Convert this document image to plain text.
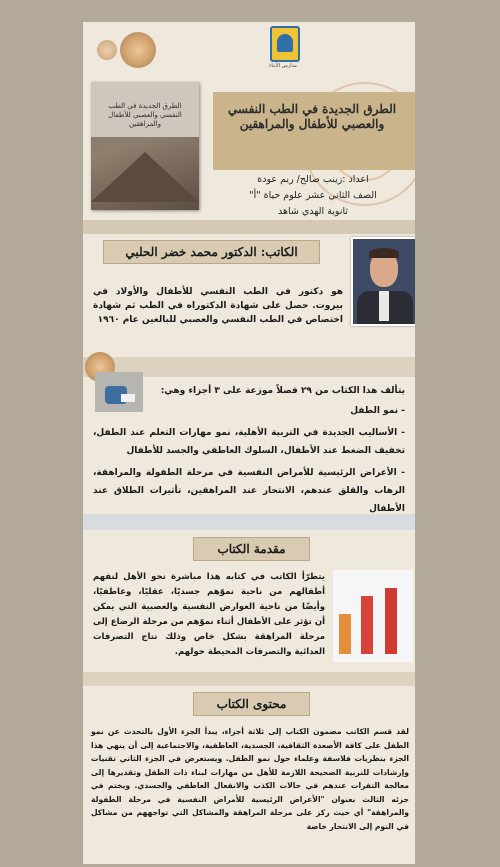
مدارس الأبناء
الطرق الجديدة في الطب النفسي والعصبي للأطفال والمراهقين
الطرق الجديدة في الطب النفسي والعصبي للأطفال والمراهقين
اعداد :زينب صالح/ ريم عودة
الصف الثاني عشر علوم حياة "أ"
ثانوية الهدي شاهد
الكاتب: الدكتور محمد خضر الحلبي
هو دكتور في الطب النفسي للأطفال والأولاد في بيروت. حصل على شهادة الدكتوراه في الطب ثم شهادة اختصاص في الطب النفسي والعصبي للبالغين عام ١٩٦٠
يتألف هذا الكتاب من ٢٩ فصلاً موزعة على ٣ أجزاء وهي:
- نمو الطفل
- الأساليب الجديدة في التربية الأهلية، نمو مهارات التعلم عند الطفل، تخفيف الضغط عند الأطفال، السلوك العاطفي والجسد للأطفال
- الأعراض الرئيسية للأمراض النفسية في مرحلة الطفولة والمراهقة، الرهاب والقلق عندهم، الانتحار عند المراهقين، تأثيرات الطلاق عند الأطفال
مقدمة الكتاب
يتطرّأ الكاتب في كتابه هذا مباشرة نحو الأهل لنفهم أطفالهم من ناحية نموّهم جسديًا، عقليًا، وعاطفيًا، وأيضًا من ناحية العوارض النفسية والعصبية التي يمكن أن تؤثر على الأطفال أثناء نموّهم من مرحلة الرضاع إلى مرحلة المراهقة بشكل خاص وذلك نتاج التصرفات العدائية والتصرفات المحيطة حولهم.
محتوى الكتاب
لقد قسم الكاتب مضمون الكتاب إلى ثلاثة أجزاء، يبدأ الجزء الأول بالتحدث عن نمو الطفل على كافة الأصعدة الثقافية، الجسدية، العاطفية، والاجتماعية إلى أن ينهي هذا الجزء بنظريات فلاسفة وعلماء حول نمو الطفل. ويستعرض في الجزء الثاني تقنيات وإرشادات للتربية الصحيحة اللازمة للأهل من مهارات لبناء ذات الطفل وتقديرها إلى معالجة التفرات عندهم في حالات الكذب والانفعال العاطفي والجسدي. ويختم في جزئه الثالث بعنوان "الأعراض الرئيسية للأمراض النفسية في مرحلة الطفولة والمراهقة" أي حيث ركز على مرحلة المراهقة والمشاكل التي تواجههم من مشاكل في النوم إلى الانتحار خاصة
